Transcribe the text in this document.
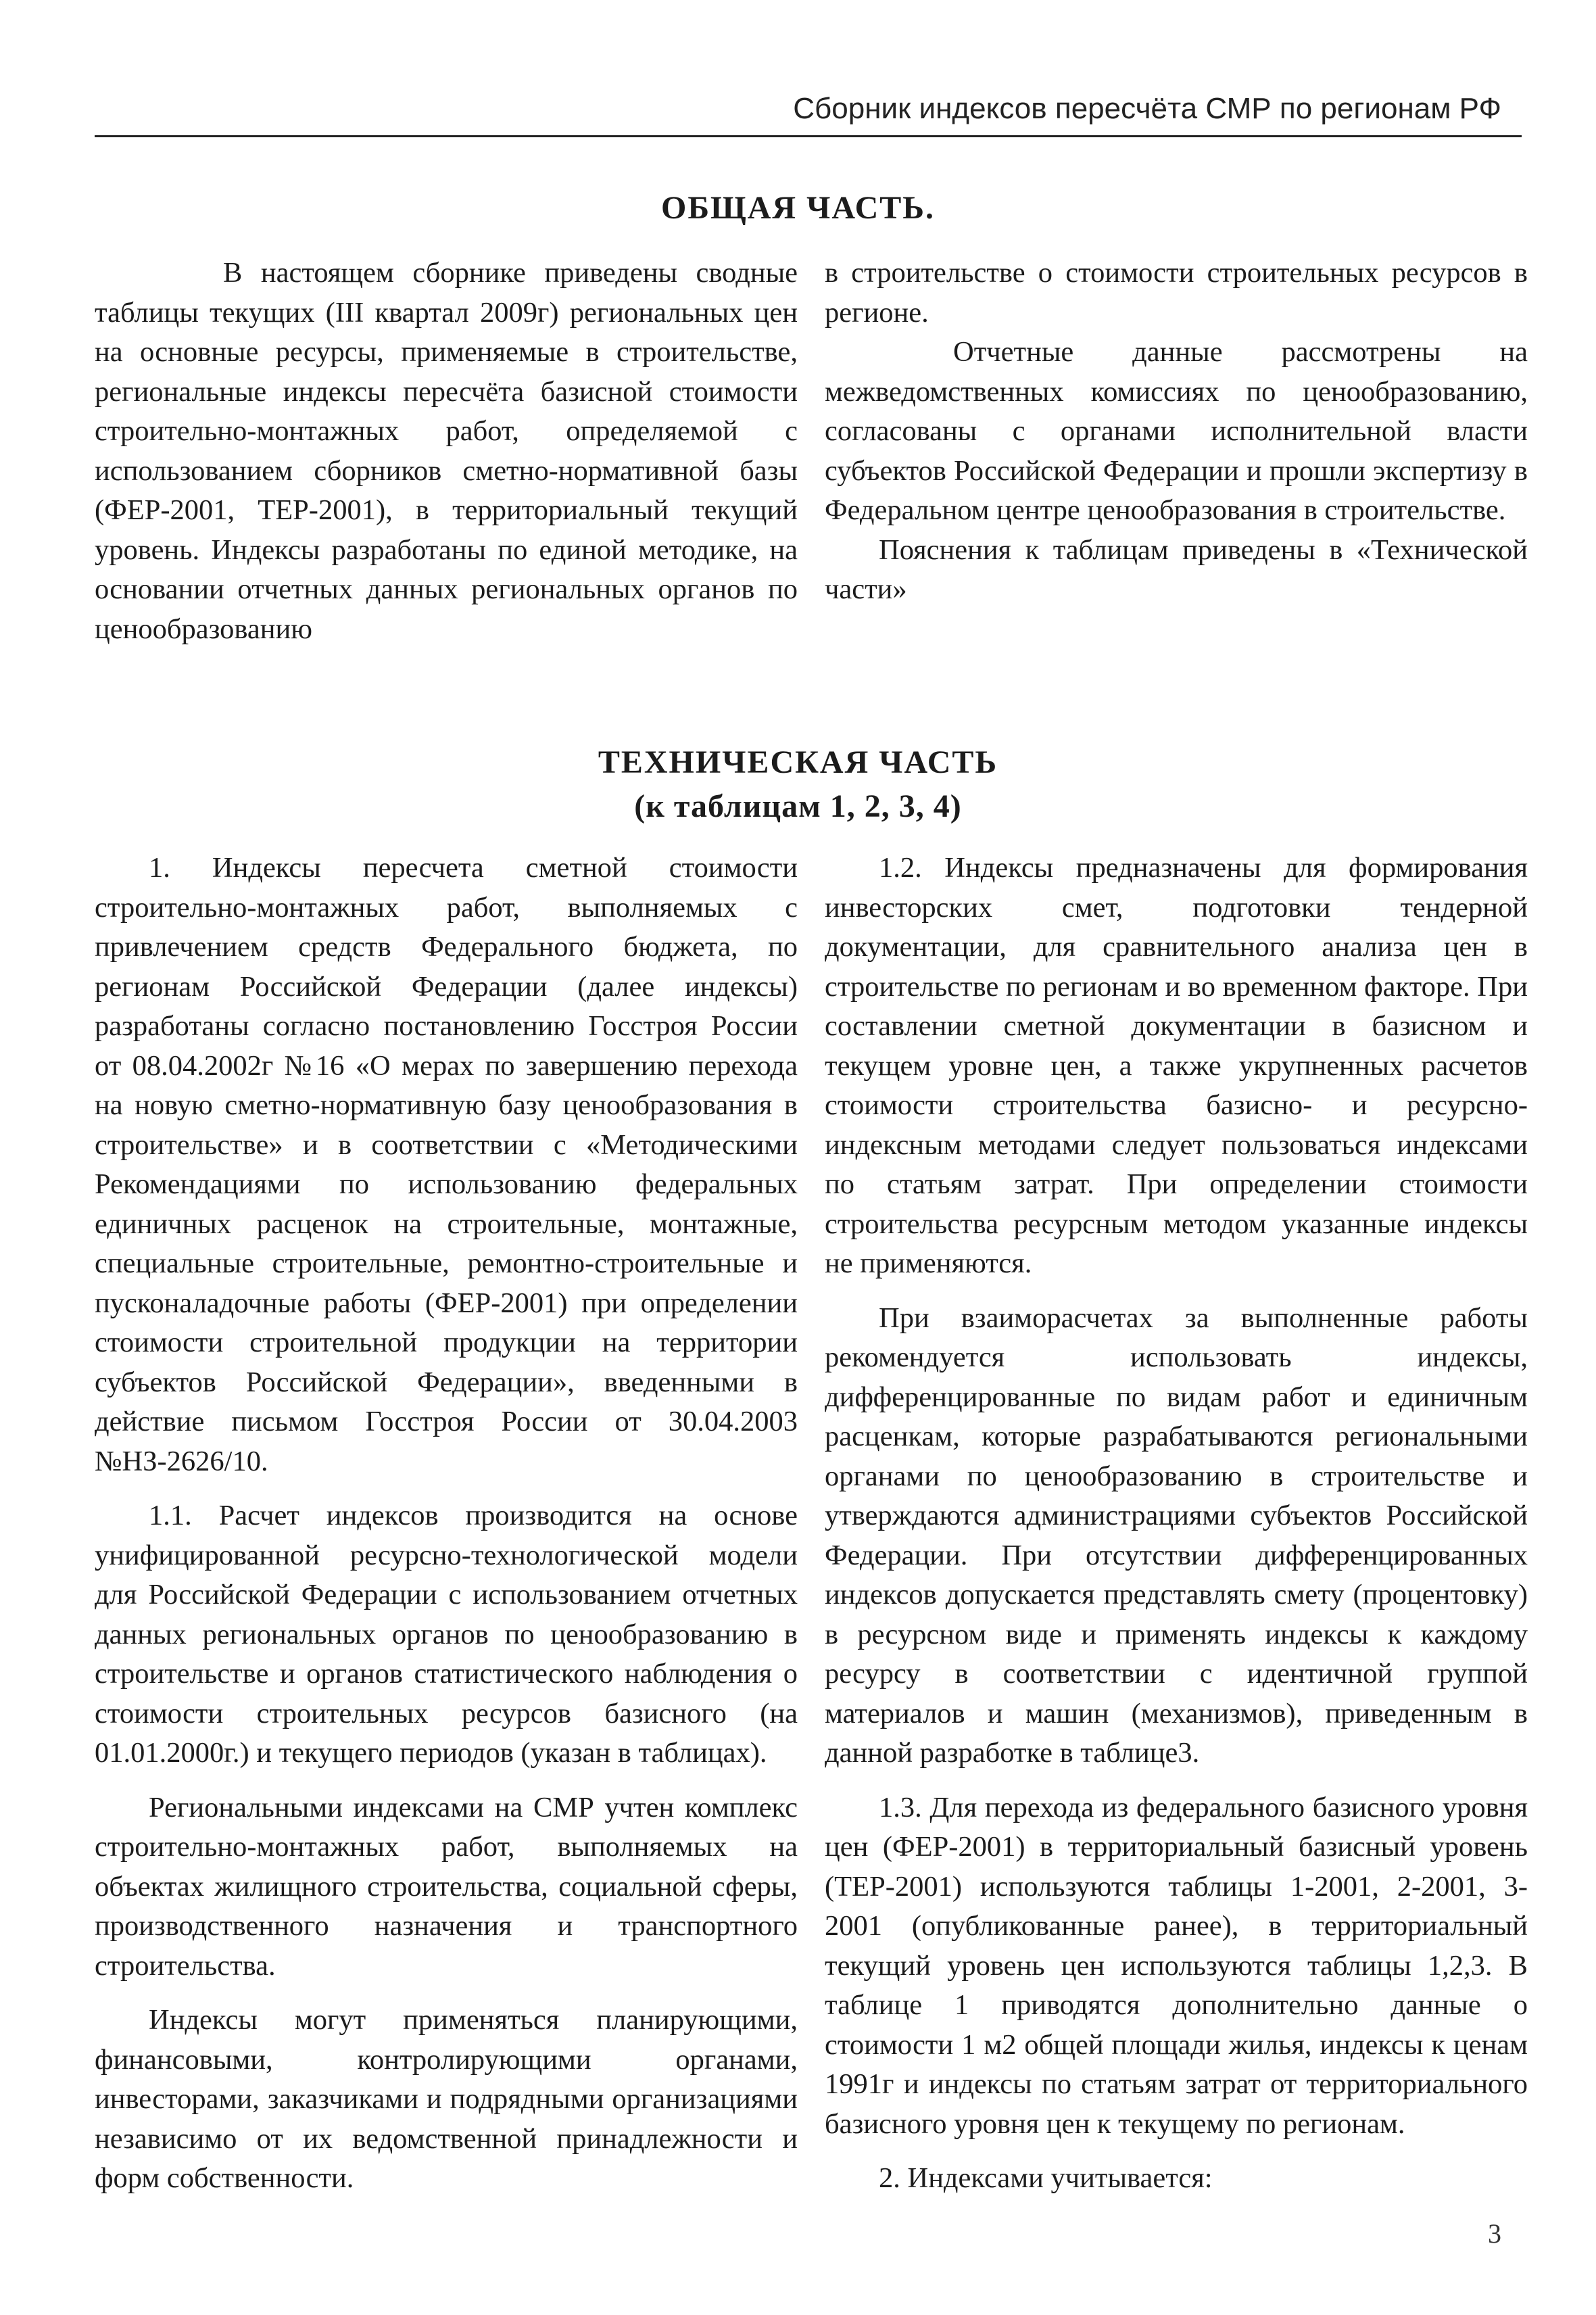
Сборник индексов пересчёта СМР по регионам РФ
ОБЩАЯ ЧАСТЬ.

В настоящем сборнике приведены сводные таблицы текущих (III квартал 2009г) региональных цен на основные ресурсы, применяемые в строительстве, региональные индексы пересчёта базисной стоимости строительно-монтажных работ, определяемой с использованием сборников сметно-нормативной базы (ФЕР-2001, ТЕР-2001), в территориальный текущий уровень. Индексы разработаны по единой методике, на основании отчетных данных региональных органов по ценообразованию

в строительстве о стоимости строительных ресурсов в регионе.

Отчетные данные рассмотрены на межведомственных комиссиях по ценообразованию, согласованы с органами исполнительной власти субъектов Российской Федерации и прошли экспертизу в Федеральном центре ценообразования в строительстве.

Пояснения к таблицам приведены в «Технической части»

ТЕХНИЧЕСКАЯ ЧАСТЬ
(к таблицам 1, 2, 3, 4)

1. Индексы пересчета сметной стоимости строительно-монтажных работ, выполняемых с привлечением средств Федерального бюджета, по регионам Российской Федерации (далее индексы) разработаны согласно постановлению Госстроя России от 08.04.2002г №16 «О мерах по завершению перехода на новую сметно-нормативную базу ценообразования в строительстве» и в соответствии с «Методическими Рекомендациями по использованию федеральных единичных расценок на строительные, монтажные, специальные строительные, ремонтно-строительные и пусконаладочные работы (ФЕР-2001) при определении стоимости строительной продукции на территории субъектов Российской Федерации», введенными в действие письмом Госстроя России от 30.04.2003 №НЗ-2626/10.

1.1. Расчет индексов производится на основе унифицированной ресурсно-технологической модели для Российской Федерации с использованием отчетных данных региональных органов по ценообразованию в строительстве и органов статистического наблюдения о стоимости строительных ресурсов базисного (на 01.01.2000г.) и текущего периодов (указан в таблицах).

Региональными индексами на СМР учтен комплекс строительно-монтажных работ, выполняемых на объектах жилищного строительства, социальной сферы, производственного назначения и транспортного строительства.

Индексы могут применяться планирующими, финансовыми, контролирующими органами, инвесторами, заказчиками и подрядными организациями независимо от их ведомственной принадлежности и форм собственности.

1.2. Индексы предназначены для формирования инвесторских смет, подготовки тендерной документации, для сравнительного анализа цен в строительстве по регионам и во временном факторе. При составлении сметной документации в базисном и текущем уровне цен, а также укрупненных расчетов стоимости строительства базисно- и ресурсно-индексным методами следует пользоваться индексами по статьям затрат. При определении стоимости строительства ресурсным методом указанные индексы не применяются.

При взаиморасчетах за выполненные работы рекомендуется использовать индексы, дифференцированные по видам работ и единичным расценкам, которые разрабатываются региональными органами по ценообразованию в строительстве и утверждаются администрациями субъектов Российской Федерации. При отсутствии дифференцированных индексов допускается представлять смету (процентовку) в ресурсном виде и применять индексы к каждому ресурсу в соответствии с идентичной группой материалов и машин (механизмов), приведенным в данной разработке в таблице3.

1.3. Для перехода из федерального базисного уровня цен (ФЕР-2001) в территориальный базисный уровень (ТЕР-2001) используются таблицы 1-2001, 2-2001, 3-2001 (опубликованные ранее), в территориальный текущий уровень цен используются таблицы 1,2,3. В таблице 1 приводятся дополнительно данные о стоимости 1 м2 общей площади жилья, индексы к ценам 1991г и индексы по статьям затрат от территориального базисного уровня цен к текущему по регионам.

2. Индексами учитывается:

3
